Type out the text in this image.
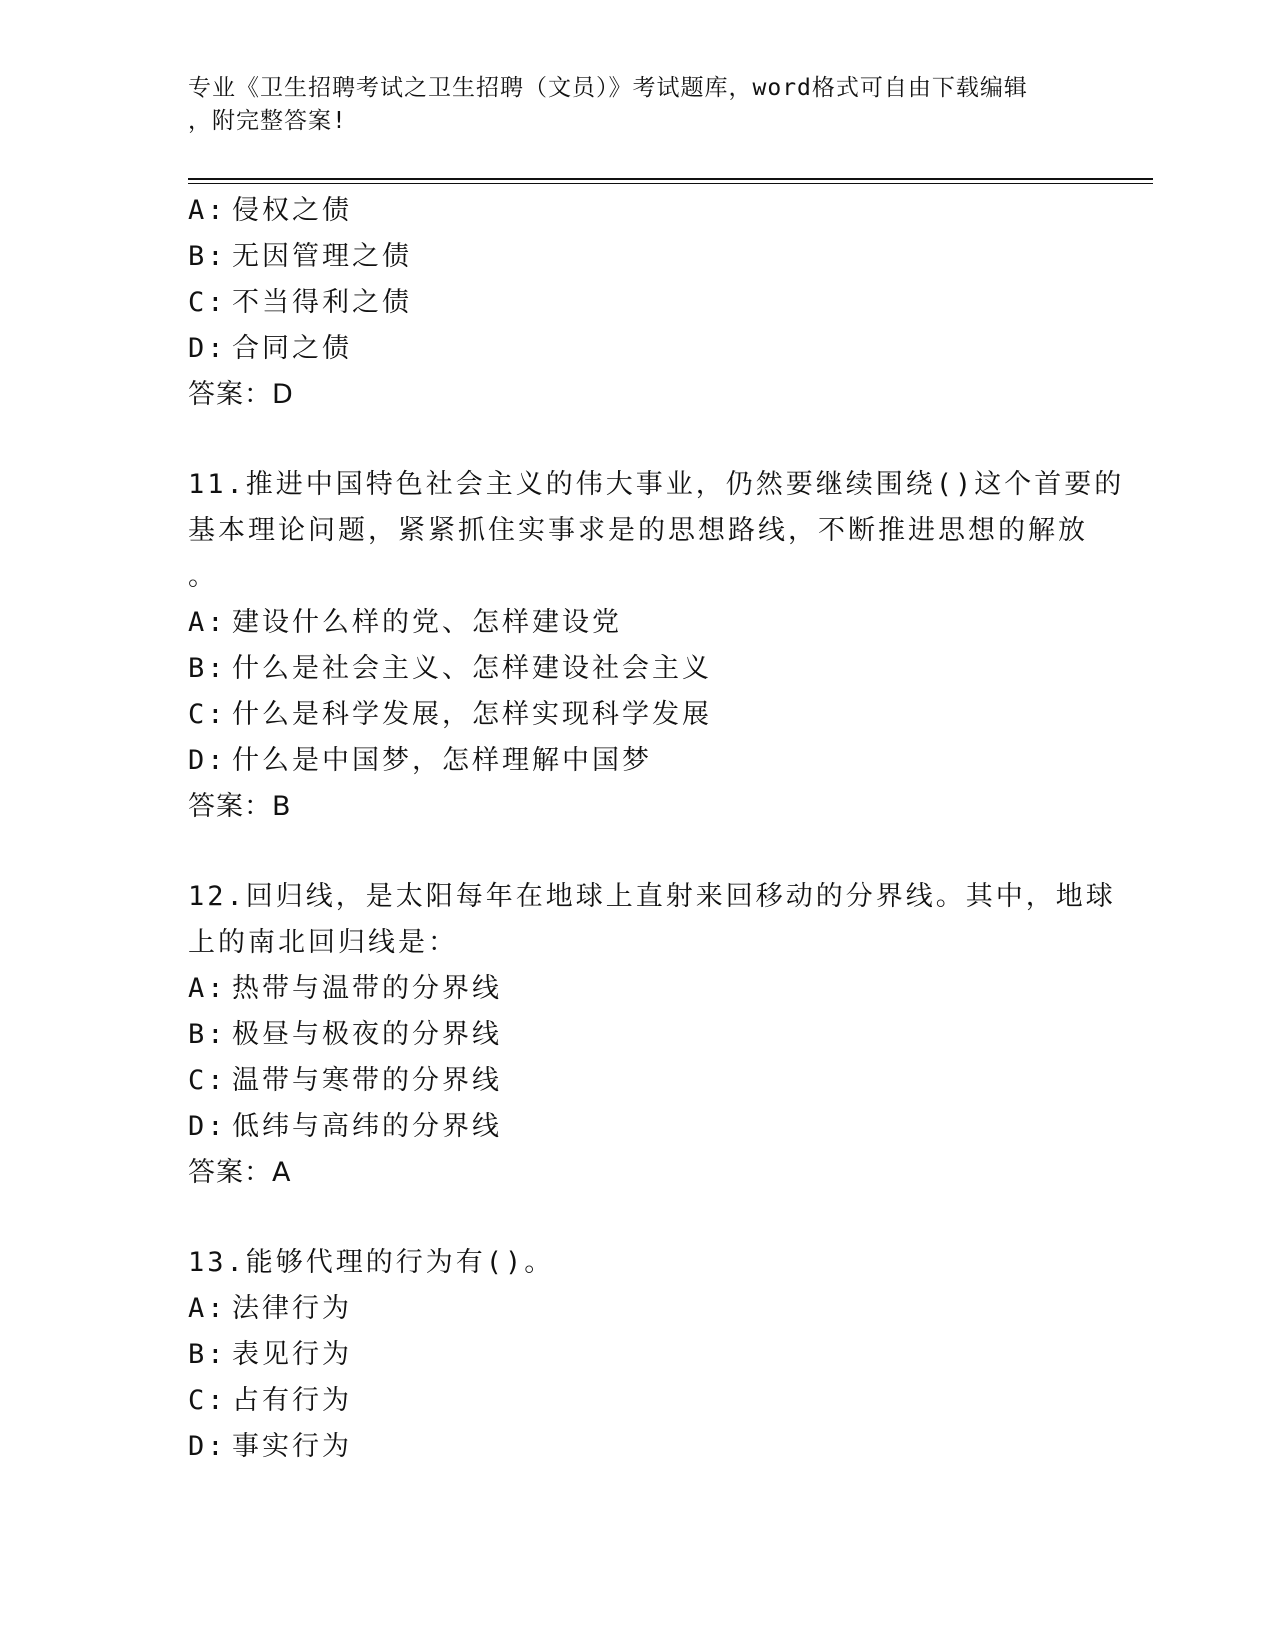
专业《卫生招聘考试之卫生招聘（文员）》考试题库，word格式可自由下载编辑
，附完整答案!
A: 侵权之债
B: 无因管理之债
C: 不当得利之债
D: 合同之债
答案：D
11.推进中国特色社会主义的伟大事业，仍然要继续围绕()这个首要的
基本理论问题，紧紧抓住实事求是的思想路线，不断推进思想的解放
。
A: 建设什么样的党、怎样建设党
B: 什么是社会主义、怎样建设社会主义
C: 什么是科学发展，怎样实现科学发展
D: 什么是中国梦，怎样理解中国梦
答案：B
12.回归线，是太阳每年在地球上直射来回移动的分界线。其中，地球
上的南北回归线是：
A: 热带与温带的分界线
B: 极昼与极夜的分界线
C: 温带与寒带的分界线
D: 低纬与高纬的分界线
答案：A
13.能够代理的行为有()。
A: 法律行为
B: 表见行为
C: 占有行为
D: 事实行为
